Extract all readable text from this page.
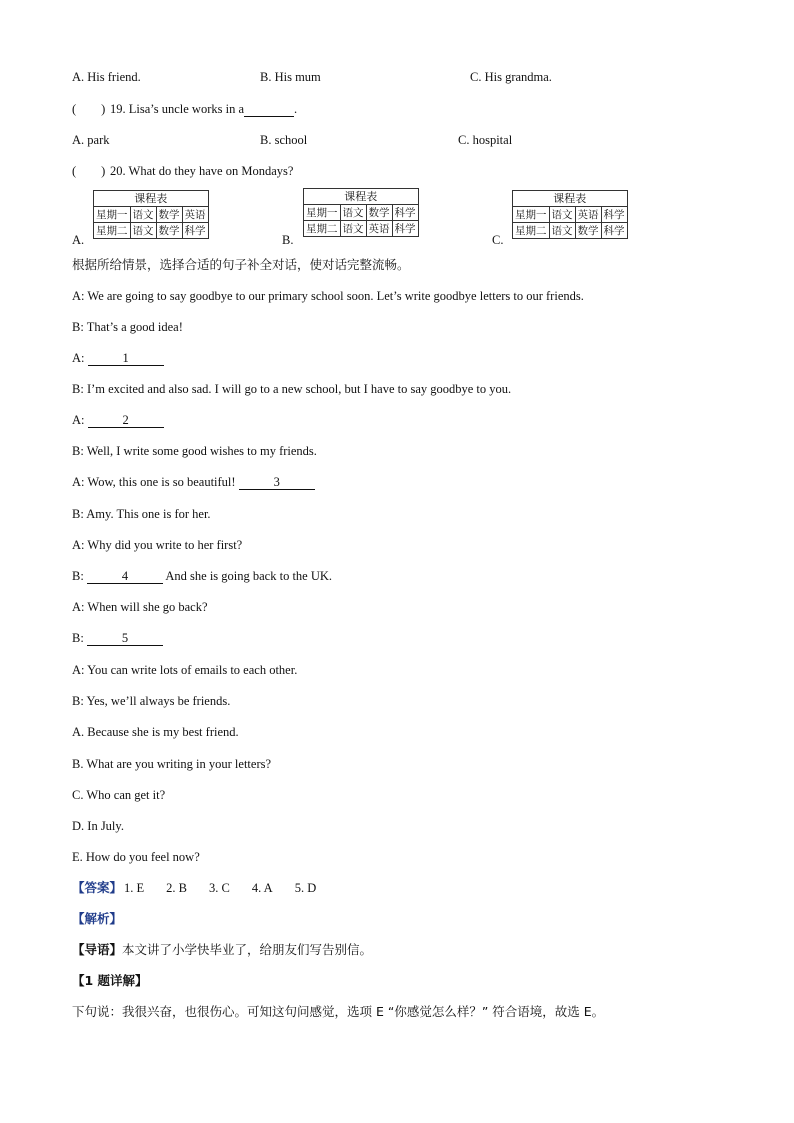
A. His friend.	B. His mum	C. His grandma.
(　　) 19. Lisa’s uncle works in a	.
A. park	B. school	C. hospital
(　　) 20. What do they have on Mondays?
A.
课程表			
星期一	语文	数学	英语
星期二	语文	数学	科学
B.
课程表			
星期一	语文	数学	科学
星期二	语文	英语	科学
C.
课程表			
星期一	语文	英语	科学
星期二	语文	数学	科学
根据所给情景，选择合适的句子补全对话，使对话完整流畅。
A: We are going to say goodbye to our primary school soon. Let’s write goodbye letters to our friends.
B: That’s a good idea!
A:	1
B: I’m excited and also sad. I will go to a new school, but I have to say goodbye to you.
A:	2
B: Well, I write some good wishes to my friends.
A: Wow, this one is so beautiful!	3
B: Amy. This one is for her.
A: Why did you write to her first?
B:	4	And she is going back to the UK.
A: When will she go back?
B:	5
A: You can write lots of emails to each other.
B: Yes, we’ll always be friends.
A. Because she is my best friend.
B. What are you writing in your letters?
C. Who can get it?
D. In July.
E. How do you feel now?
【答案】 1. E 2. B 3. C 4. A 5. D
【解析】
【导语】本文讲了小学快毕业了，给朋友们写告别信。
【1 题详解】
下句说：我很兴奋，也很伤心。可知这句问感觉，选项 E “你感觉怎么样？” 符合语境，故选 E。
